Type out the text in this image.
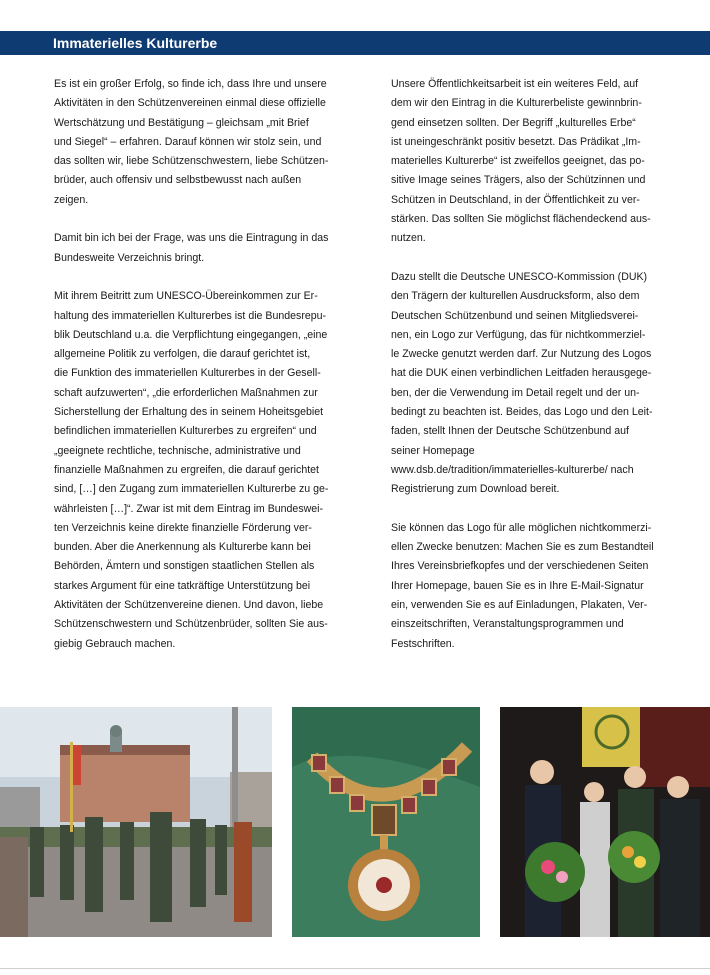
Immaterielles Kulturerbe
Es ist ein großer Erfolg, so finde ich, dass Ihre und unsere
Aktivitäten in den Schützenvereinen einmal diese offizielle
Wertschätzung und Bestätigung – gleichsam „mit Brief
und Siegel“ – erfahren. Darauf können wir stolz sein, und
das sollten wir, liebe Schützenschwestern, liebe Schützen-
brüder, auch offensiv und selbstbewusst nach außen
zeigen.
Damit bin ich bei der Frage, was uns die Eintragung in das
Bundesweite Verzeichnis bringt.
Mit ihrem Beitritt zum UNESCO-Übereinkommen zur Er-
haltung des immateriellen Kulturerbes ist die Bundesrepu-
blik Deutschland u.a. die Verpflichtung eingegangen, „eine
allgemeine Politik zu verfolgen, die darauf gerichtet ist,
die Funktion des immateriellen Kulturerbes in der Gesell-
schaft aufzuwerten“, „die erforderlichen Maßnahmen zur
Sicherstellung der Erhaltung des in seinem Hoheitsgebiet
befindlichen immateriellen Kulturerbes zu ergreifen“ und
„geeignete rechtliche, technische, administrative und
finanzielle Maßnahmen zu ergreifen, die darauf gerichtet
sind, […] den Zugang zum immateriellen Kulturerbe zu ge-
währleisten […]“. Zwar ist mit dem Eintrag im Bundeswei-
ten Verzeichnis keine direkte finanzielle Förderung ver-
bunden. Aber die Anerkennung als Kulturerbe kann bei
Behörden, Ämtern und sonstigen staatlichen Stellen als
starkes Argument für eine tatkräftige Unterstützung bei
Aktivitäten der Schützenvereine dienen. Und davon, liebe
Schützenschwestern und Schützenbrüder, sollten Sie aus-
giebig Gebrauch machen.
Unsere Öffentlichkeitsarbeit ist ein weiteres Feld, auf
dem wir den Eintrag in die Kulturerbeliste gewinnbrin-
gend einsetzen sollten. Der Begriff „kulturelles Erbe“
ist uneingeschränkt positiv besetzt. Das Prädikat „Im-
materielles Kulturerbe“ ist zweifellos geeignet, das po-
sitive Image seines Trägers, also der Schützinnen und
Schützen in Deutschland, in der Öffentlichkeit zu ver-
stärken. Das sollten Sie möglichst flächendeckend aus-
nutzen.
Dazu stellt die Deutsche UNESCO-Kommission (DUK)
den Trägern der kulturellen Ausdrucksform, also dem
Deutschen Schützenbund und seinen Mitgliedsverei-
nen, ein Logo zur Verfügung, das für nichtkommerziel-
le Zwecke genutzt werden darf. Zur Nutzung des Logos
hat die DUK einen verbindlichen Leitfaden herausgege-
ben, der die Verwendung im Detail regelt und der un-
bedingt zu beachten ist. Beides, das Logo und den Leit-
faden, stellt Ihnen der Deutsche Schützenbund auf
seiner Homepage
www.dsb.de/tradition/immaterielles-kulturerbe/ nach
Registrierung zum Download bereit.
Sie können das Logo für alle möglichen nichtkommerzi-
ellen Zwecke benutzen: Machen Sie es zum Bestandteil
Ihres Vereinsbriefkopfes und der verschiedenen Seiten
Ihrer Homepage, bauen Sie es in Ihre E-Mail-Signatur
ein, verwenden Sie es auf Einladungen, Plakaten, Ver-
einszeitschriften, Veranstaltungsprogrammen und
Festschriften.
